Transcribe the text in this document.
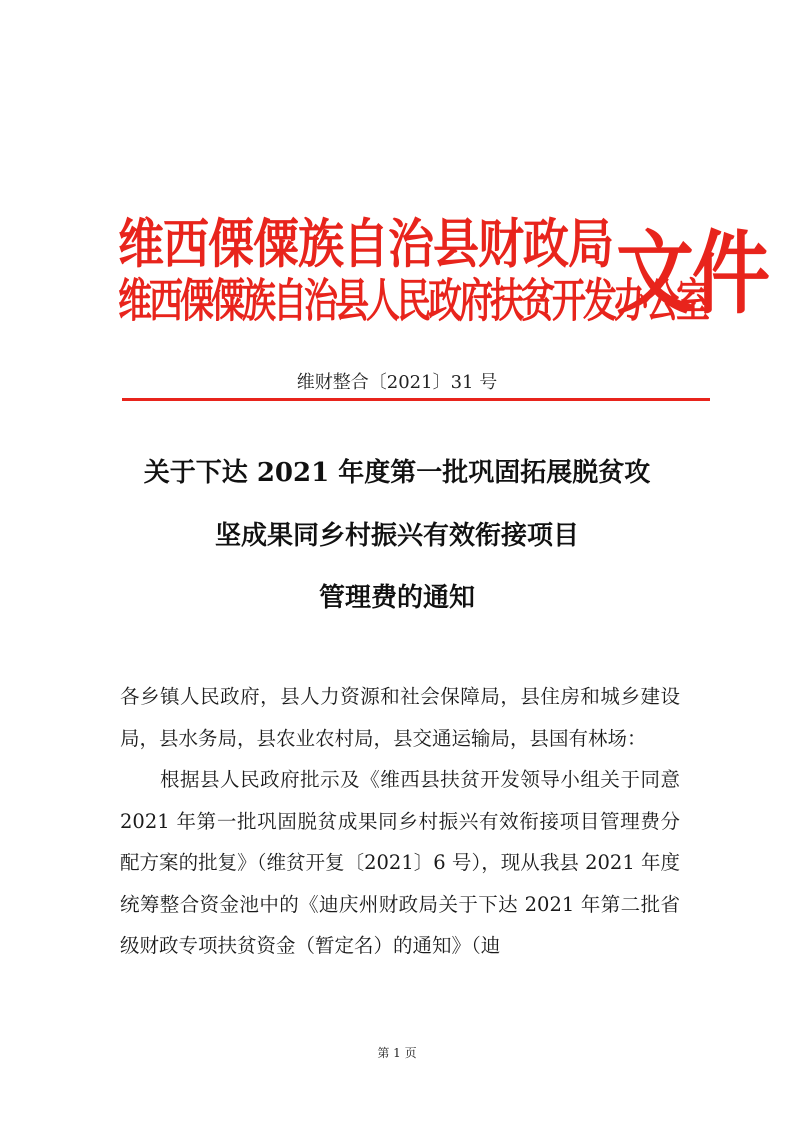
维西傈僳族自治县财政局
维西傈僳族自治县人民政府扶贫开发办公室
文件
维财整合〔2021〕31 号
关于下达 2021 年度第一批巩固拓展脱贫攻
坚成果同乡村振兴有效衔接项目
管理费的通知

各乡镇人民政府，县人力资源和社会保障局，县住房和城乡建设局，县水务局，县农业农村局，县交通运输局，县国有林场：

根据县人民政府批示及《维西县扶贫开发领导小组关于同意 2021 年第一批巩固脱贫成果同乡村振兴有效衔接项目管理费分配方案的批复》（维贫开复〔2021〕6 号），现从我县 2021 年度统筹整合资金池中的《迪庆州财政局关于下达 2021 年第二批省级财政专项扶贫资金（暂定名）的通知》（迪

第 1 页
